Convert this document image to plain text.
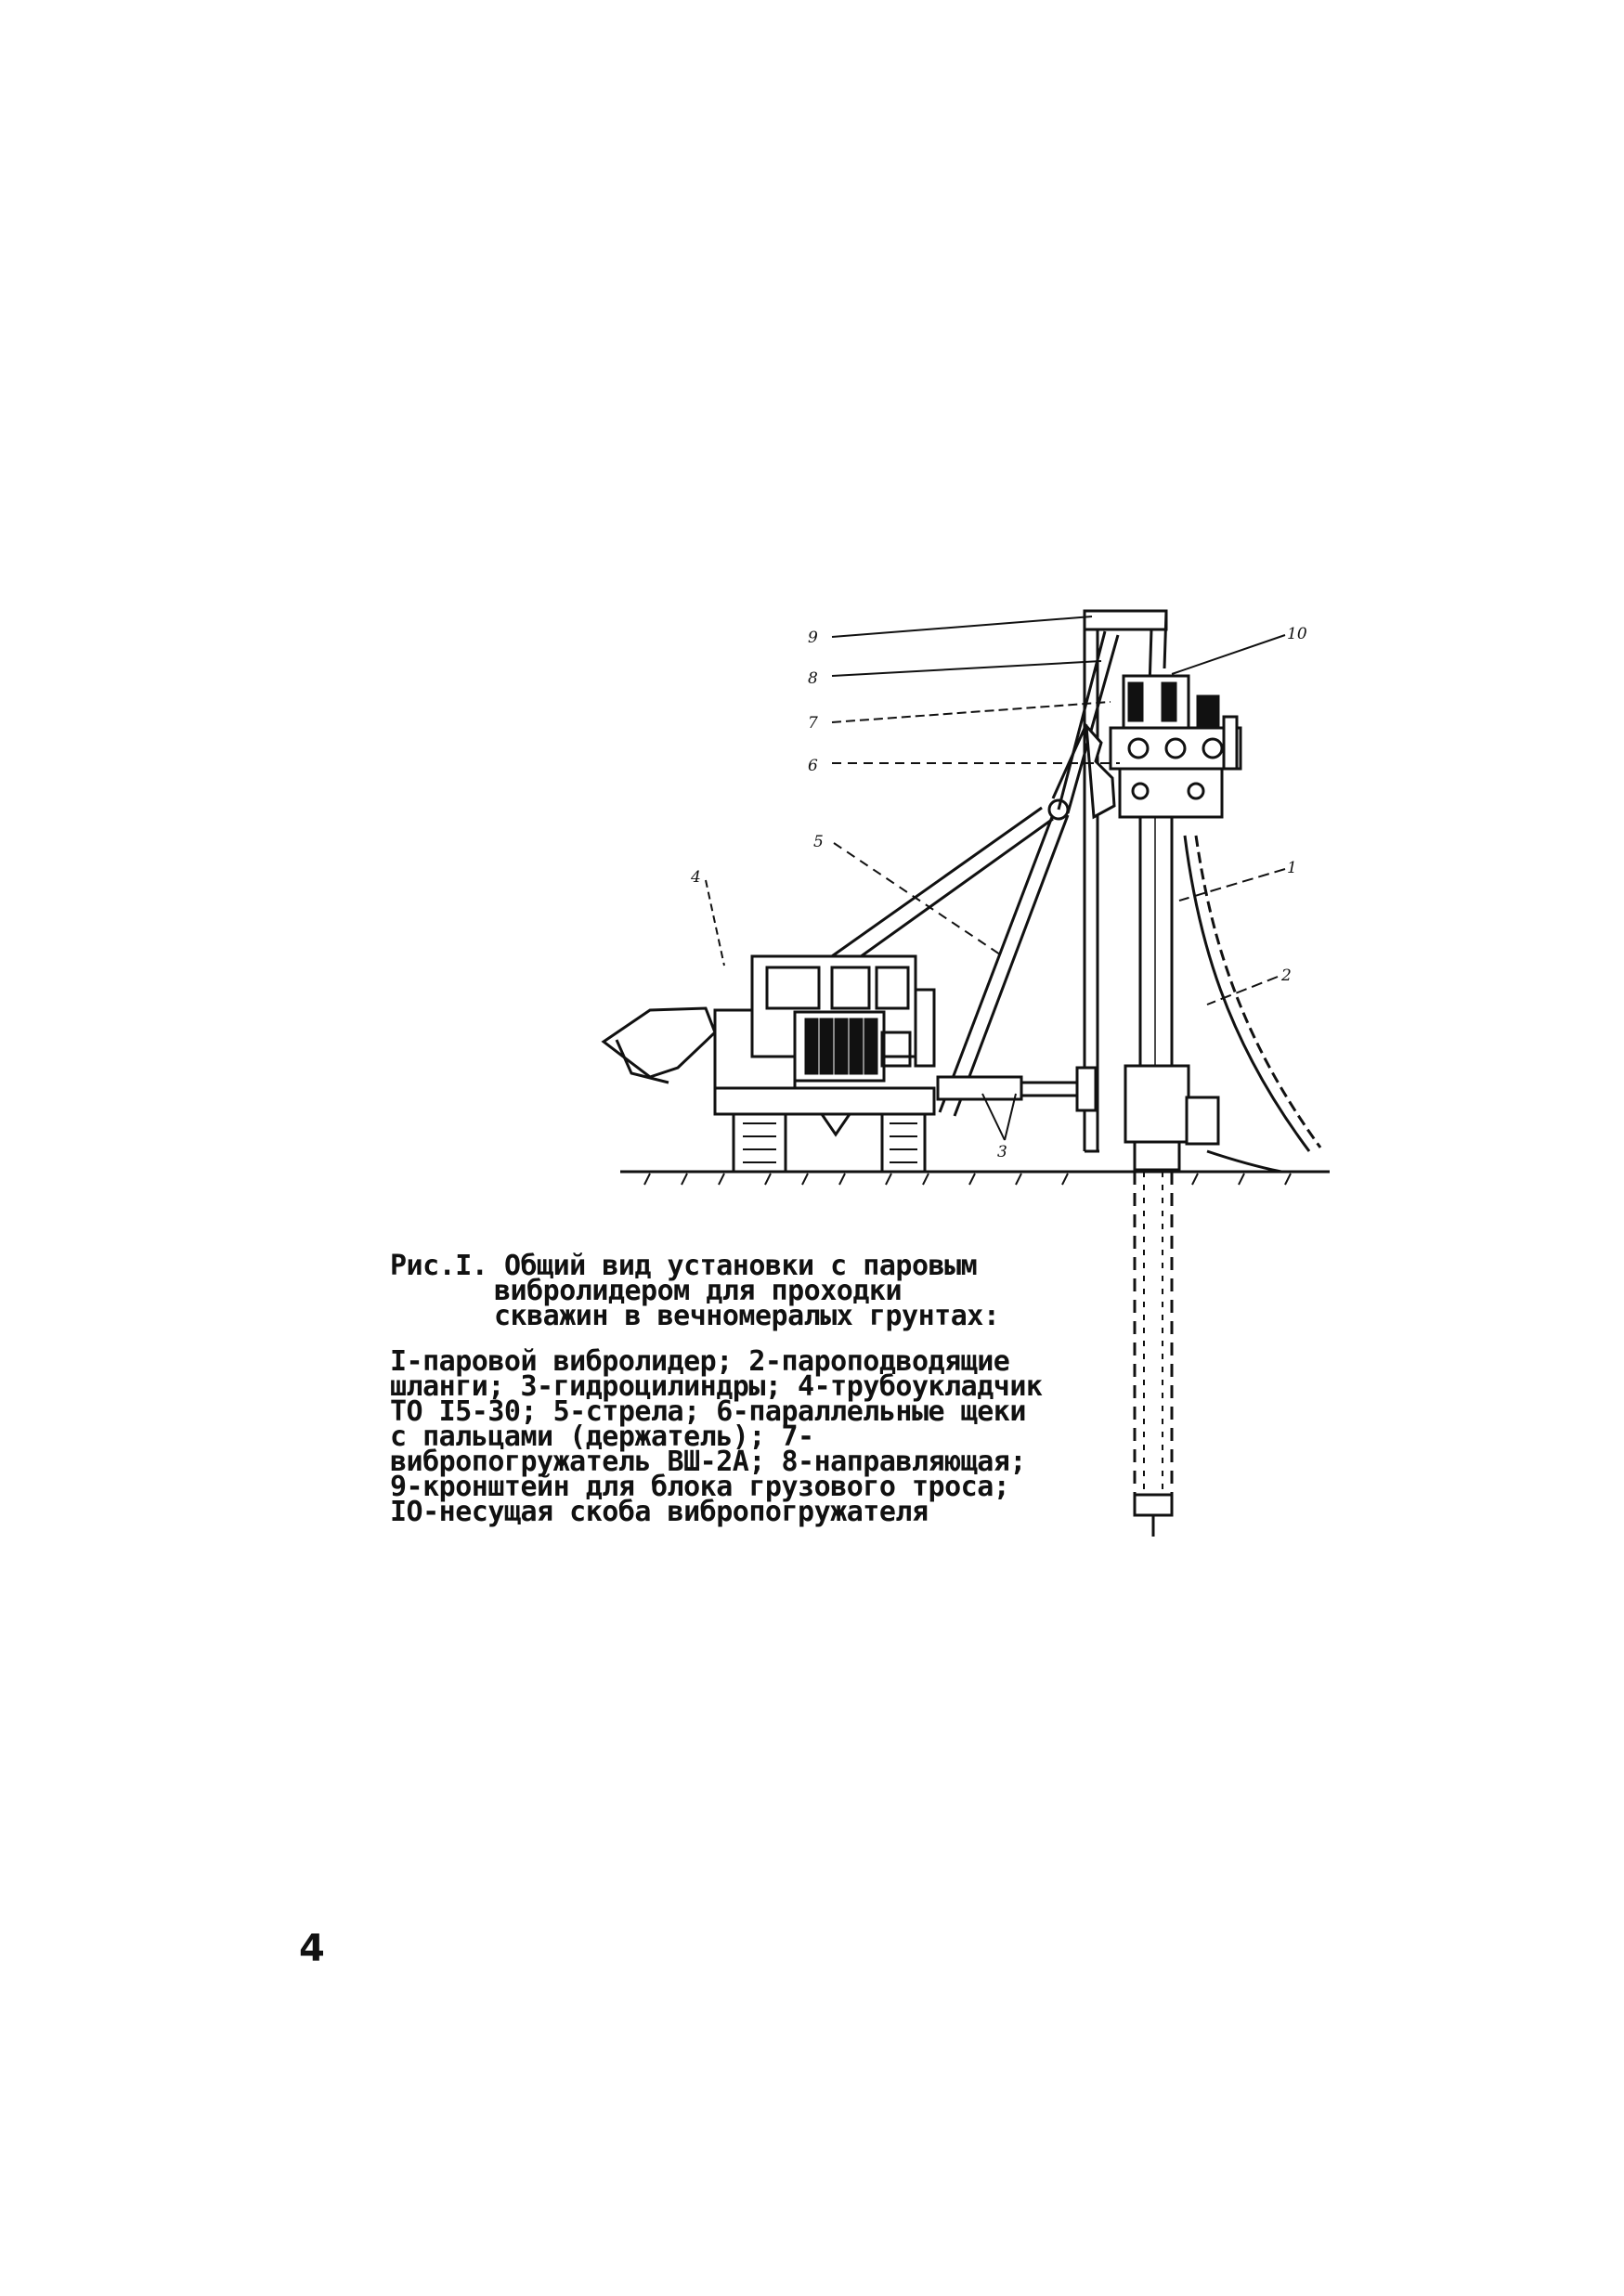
9
8
7
6
5
4
10
1
2
3
Рис.I. Общий вид установки с паровым
вибролидером для проходки скважин в вечномералых грунтах:
I-паровой вибролидер; 2-пароподводящие шланги; 3-гидроцилиндры; 4-трубоукладчик ТО I5-30; 5-стрела; 6-параллельные щеки с пальцами (держатель); 7-вибропогружатель ВШ-2А; 8-направляющая; 9-кронштейн для блока грузового троса; IO-несущая скоба вибропогружателя
4
